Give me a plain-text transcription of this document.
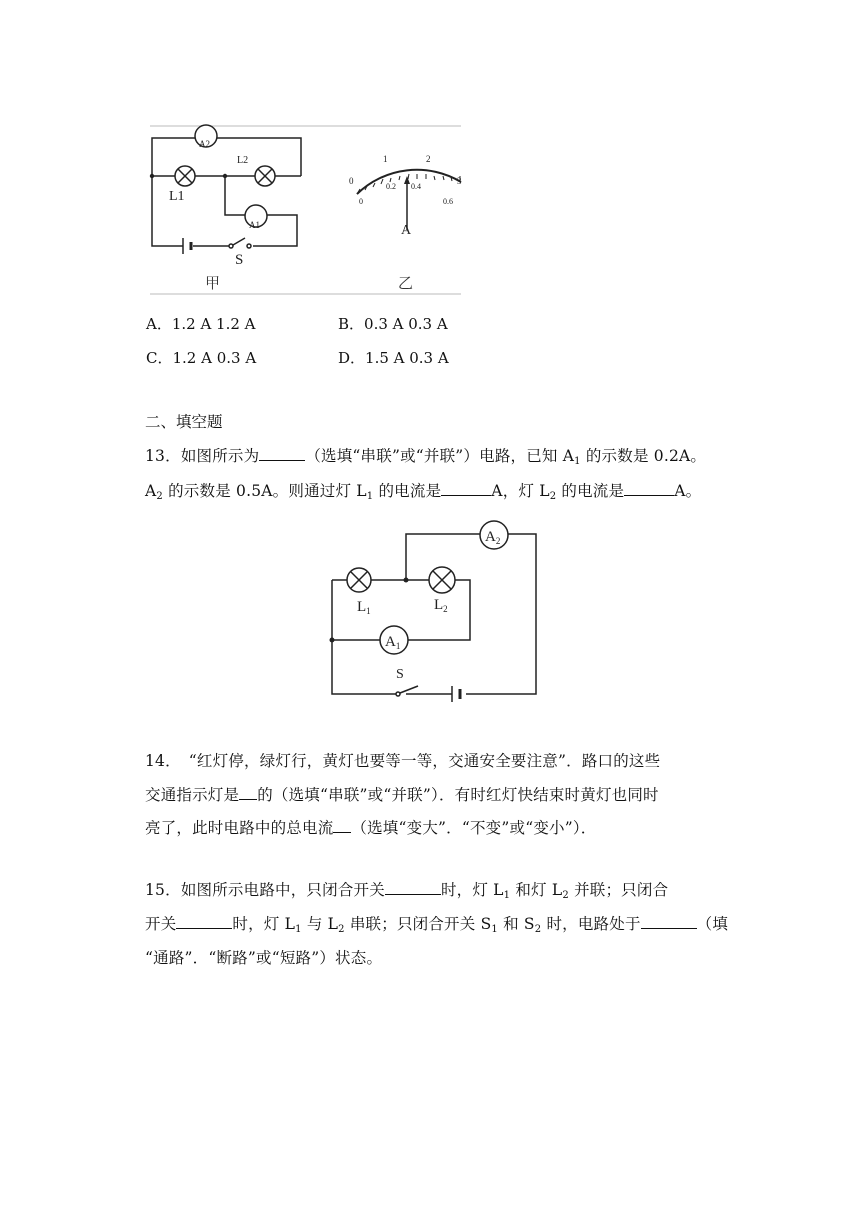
A2
L2
L1
A1
S
甲
0
1	2
3
0
0.2 0.4
0.6
A
乙
A．1.2 A 1.2 A	B．0.3 A 0.3 A
C．1.2 A 0.3 A	D．1.5 A 0.3 A
二、填空题
13．如图所示为	（选填“串联”或“并联”）电路，已知 $A_1$ 的示数是 0.2A。
$A_2$ 的示数是 0.5A。则通过灯 $L_1$ 的电流是	A，灯 $L_2$ 的电流是	A。
$A_2$
$L_1$	$L_2$
$A_1$
S
14．　“红灯停，绿灯行，黄灯也要等一等，交通安全要注意”．路口的这些
交通指示灯是 的（选填“串联”或“并联”）．有时红灯快结束时黄灯也同时
亮了，此时电路中的总电流 （选填“变大”．“不变”或“变小”）．
15．如图所示电路中，只闭合开关	时，灯 $L_1$ 和灯 $L_2$ 并联；只闭合
开关	时，灯 $L_1$ 与 $L_2$ 串联；只闭合开关 $S_1$ 和 $S_2$ 时，电路处于	（填
“通路”．“断路”或“短路”）状态。
